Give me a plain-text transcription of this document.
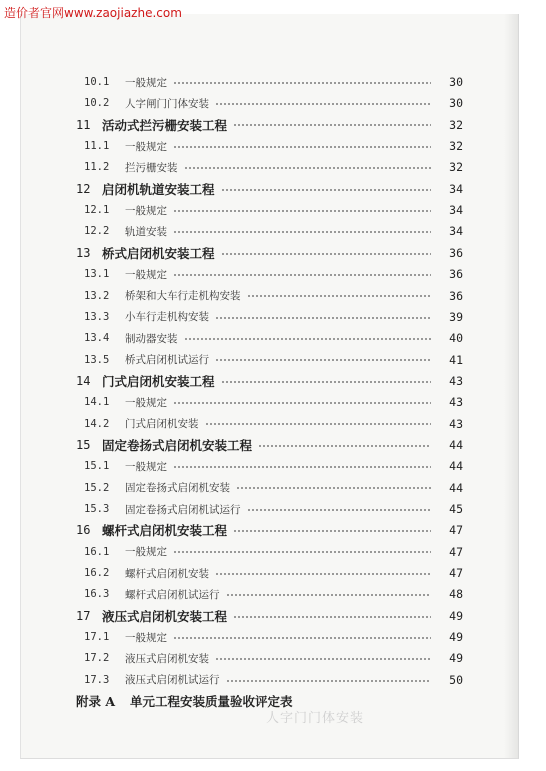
造价者官网www.zaojiazhe.com
人字门门体安装
10.1	一般规定	30
10.2	人字闸门门体安装	30
11 活动式拦污栅安装工程	32
11.1	一般规定	32
11.2	拦污栅安装	32
12 启闭机轨道安装工程	34
12.1	一般规定	34
12.2	轨道安装	34
13 桥式启闭机安装工程	36
13.1	一般规定	36
13.2	桥架和大车行走机构安装	36
13.3	小车行走机构安装	39
13.4	制动器安装	40
13.5	桥式启闭机试运行	41
14 门式启闭机安装工程	43
14.1	一般规定	43
14.2	门式启闭机安装	43
15 固定卷扬式启闭机安装工程	44
15.1	一般规定	44
15.2	固定卷扬式启闭机安装	44
15.3	固定卷扬式启闭机试运行	45
16 螺杆式启闭机安装工程	47
16.1	一般规定	47
16.2	螺杆式启闭机安装	47
16.3	螺杆式启闭机试运行	48
17 液压式启闭机安装工程	49
17.1	一般规定	49
17.2	液压式启闭机安装	49
17.3	液压式启闭机试运行	50
附录 A	单元工程安装质量验收评定表
